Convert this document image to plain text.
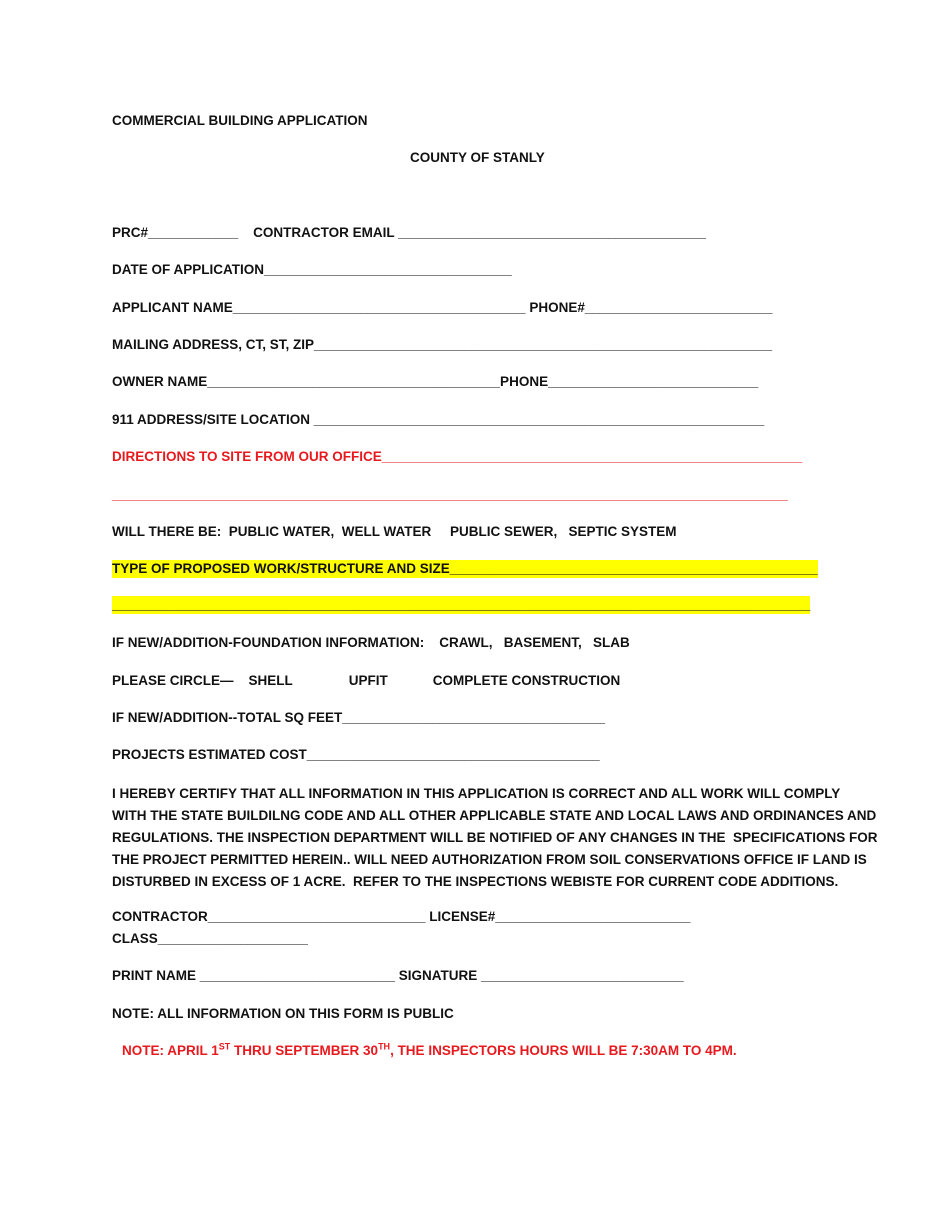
COMMERCIAL BUILDING APPLICATION
COUNTY OF STANLY
PRC#____________    CONTRACTOR EMAIL _________________________________________
DATE OF APPLICATION_________________________________
APPLICANT NAME_______________________________________ PHONE#_________________________
MAILING ADDRESS, CT, ST, ZIP_____________________________________________________________
OWNER NAME_______________________________________PHONE____________________________
911 ADDRESS/SITE LOCATION ____________________________________________________________
DIRECTIONS TO SITE FROM OUR OFFICE________________________________________________________
__________________________________________________________________________________________
WILL THERE BE:  PUBLIC WATER,  WELL WATER     PUBLIC SEWER,   SEPTIC SYSTEM
TYPE OF PROPOSED WORK/STRUCTURE AND SIZE_________________________________________________
_____________________________________________________________________________________________
IF NEW/ADDITION-FOUNDATION INFORMATION:    CRAWL,   BASEMENT,   SLAB
PLEASE CIRCLE—    SHELL               UPFIT            COMPLETE CONSTRUCTION
IF NEW/ADDITION--TOTAL SQ FEET___________________________________
PROJECTS ESTIMATED COST_______________________________________
I HEREBY CERTIFY THAT ALL INFORMATION IN THIS APPLICATION IS CORRECT AND ALL WORK WILL COMPLY
WITH THE STATE BUILDILNG CODE AND ALL OTHER APPLICABLE STATE AND LOCAL LAWS AND ORDINANCES AND
REGULATIONS. THE INSPECTION DEPARTMENT WILL BE NOTIFIED OF ANY CHANGES IN THE  SPECIFICATIONS FOR
THE PROJECT PERMITTED HEREIN.. WILL NEED AUTHORIZATION FROM SOIL CONSERVATIONS OFFICE IF LAND IS
DISTURBED IN EXCESS OF 1 ACRE.  REFER TO THE INSPECTIONS WEBISTE FOR CURRENT CODE ADDITIONS.
CONTRACTOR_____________________________ LICENSE#__________________________
CLASS____________________
PRINT NAME __________________________ SIGNATURE ___________________________
NOTE: ALL INFORMATION ON THIS FORM IS PUBLIC
NOTE: APRIL 1ST THRU SEPTEMBER 30TH, THE INSPECTORS HOURS WILL BE 7:30AM TO 4PM.
